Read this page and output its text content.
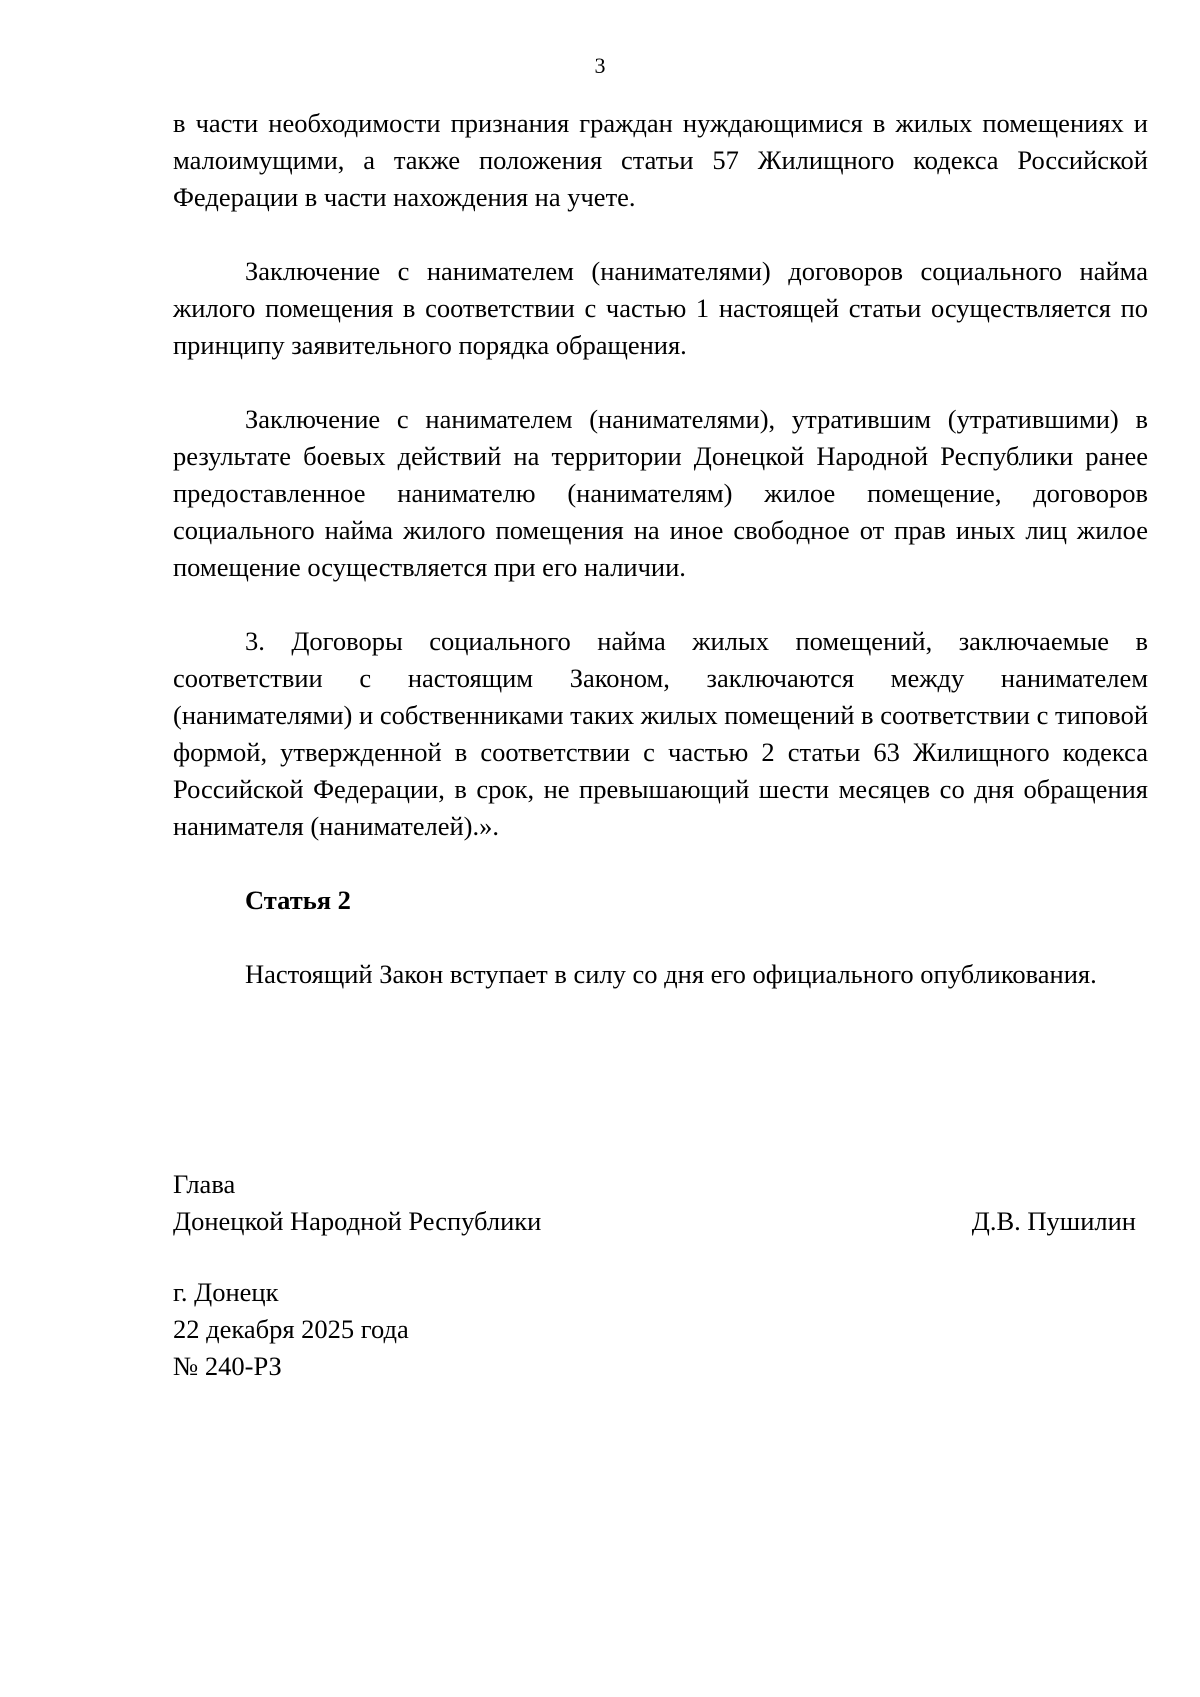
3

в части необходимости признания граждан нуждающимися в жилых помещениях и малоимущими, а также положения статьи 57 Жилищного кодекса Российской Федерации в части нахождения на учете.

Заключение с нанимателем (нанимателями) договоров социального найма жилого помещения в соответствии с частью 1 настоящей статьи осуществляется по принципу заявительного порядка обращения.

Заключение с нанимателем (нанимателями), утратившим (утратившими) в результате боевых действий на территории Донецкой Народной Республики ранее предоставленное нанимателю (нанимателям) жилое помещение, договоров социального найма жилого помещения на иное свободное от прав иных лиц жилое помещение осуществляется при его наличии.

3. Договоры социального найма жилых помещений, заключаемые в соответствии с настоящим Законом, заключаются между нанимателем (нанимателями) и собственниками таких жилых помещений в соответствии с типовой формой, утвержденной в соответствии с частью 2 статьи 63 Жилищного кодекса Российской Федерации, в срок, не превышающий шести месяцев со дня обращения нанимателя (нанимателей).».

Статья 2

Настоящий Закон вступает в силу со дня его официального опубликования.

Глава
Донецкой Народной Республики	Д.В. Пушилин
г. Донецк
22 декабря 2025 года
№ 240-РЗ
